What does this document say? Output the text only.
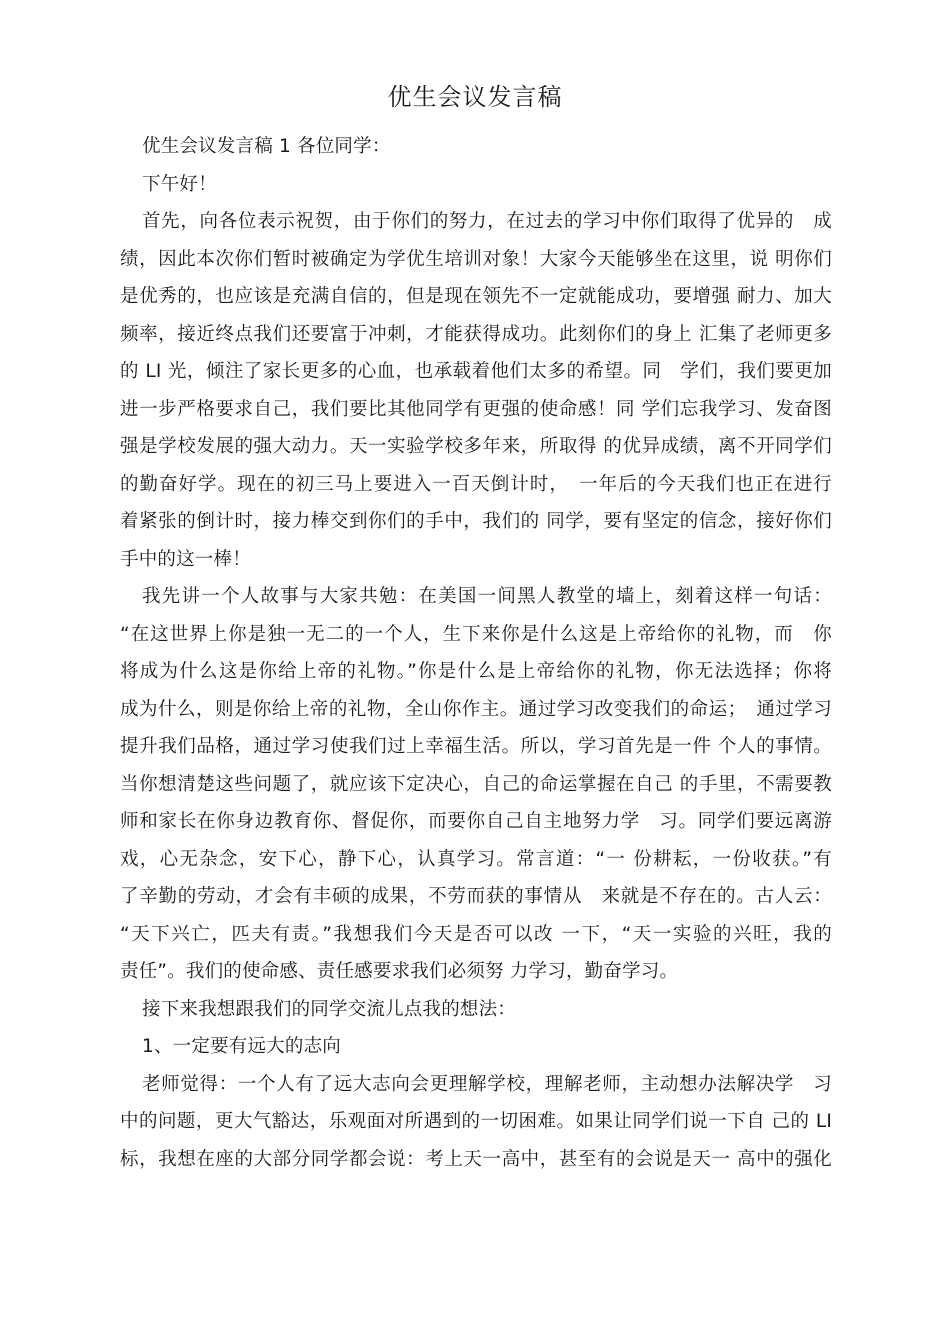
优生会议发言稿
优生会议发言稿 1 各位同学：
下午好！
首先，向各位表示祝贺，由于你们的努力，在过去的学习中你们取得了优异的　成
绩，因此本次你们暂时被确定为学优生培训对象！大家今天能够坐在这里，说 明你们
是优秀的，也应该是充满自信的，但是现在领先不一定就能成功，要增强 耐力、加大
频率，接近终点我们还要富于冲刺，才能获得成功。此刻你们的身上 汇集了老师更多
的 LI 光，倾注了家长更多的心血，也承载着他们太多的希望。同　学们，我们要更加
进一步严格要求自己，我们要比其他同学有更强的使命感！同 学们忘我学习、发奋图
强是学校发展的强大动力。天一实验学校多年来，所取得 的优异成绩，离不开同学们
的勤奋好学。现在的初三马上要进入一百天倒计时，　一年后的今天我们也正在进行
着紧张的倒计时，接力棒交到你们的手中，我们的 同学，要有坚定的信念，接好你们
手中的这一棒！
我先讲一个人故事与大家共勉：在美国一间黑人教堂的墙上，刻着这样一句话：
“在这世界上你是独一无二的一个人，生下来你是什么这是上帝给你的礼物，而　你
将成为什么这是你给上帝的礼物。”你是什么是上帝给你的礼物，你无法选择；你将
成为什么，则是你给上帝的礼物，全山你作主。通过学习改变我们的命运；　通过学习
提升我们品格，通过学习使我们过上幸福生活。所以，学习首先是一件 个人的事情。
当你想清楚这些问题了，就应该下定决心，自己的命运掌握在自己 的手里，不需要教
师和家长在你身边教育你、督促你，而要你自己自主地努力学　习。同学们要远离游
戏，心无杂念，安下心，静下心，认真学习。常言道：“一 份耕耘，一份收获。”有
了辛勤的劳动，才会有丰硕的成果，不劳而获的事情从　来就是不存在的。古人云：
“天下兴亡，匹夫有责。”我想我们今天是否可以改 一下，“天一实验的兴旺，我的
责任”。我们的使命感、责任感要求我们必须努 力学习，勤奋学习。
接下来我想跟我们的同学交流儿点我的想法：
1、一定要有远大的志向
老师觉得：一个人有了远大志向会更理解学校，理解老师，主动想办法解决学　习
中的问题，更大气豁达，乐观面对所遇到的一切困难。如果让同学们说一下自 己的 LI
标，我想在座的大部分同学都会说：考上天一高中，甚至有的会说是天一 高中的强化
